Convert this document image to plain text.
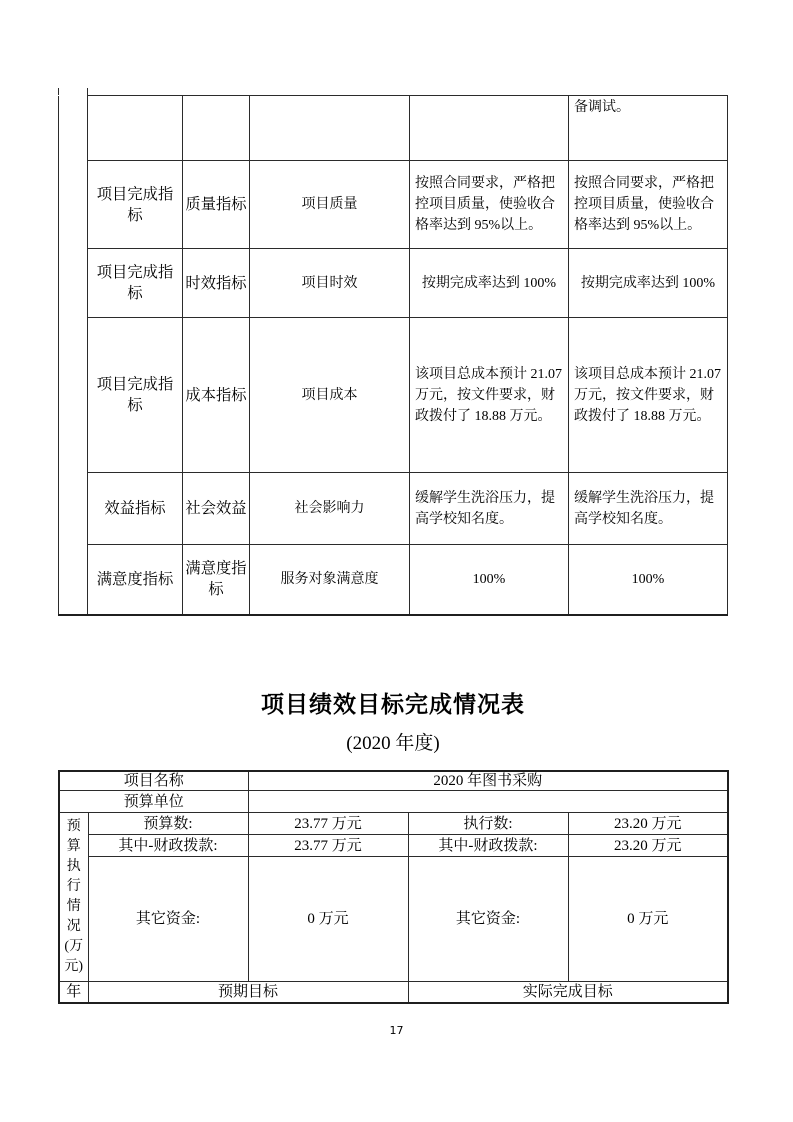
					备调试。
	项目完成指标	质量指标	项目质量	按照合同要求，严格把控项目质量，使验收合格率达到 95%以上。	按照合同要求，严格把控项目质量，使验收合格率达到 95%以上。
	项目完成指标	时效指标	项目时效	按期完成率达到 100%	按期完成率达到 100%
	项目完成指标	成本指标	项目成本	该项目总成本预计 21.07 万元，按文件要求，财政拨付了 18.88 万元。	该项目总成本预计 21.07 万元，按文件要求，财政拨付了 18.88 万元。
	效益指标	社会效益	社会影响力	缓解学生洗浴压力，提高学校知名度。	缓解学生洗浴压力，提高学校知名度。
	满意度指标	满意度指标	服务对象满意度	100%	100%
项目绩效目标完成情况表
(2020 年度)
项目名称		2020 年图书采购		
预算单位				

预
算
执
行
情
况
(万
元)
	预算数:	23.77 万元	执行数:	23.20 万元
	其中-财政拨款:	23.77 万元	其中-财政拨款:	23.20 万元
	其它资金:	0 万元	其它资金:	0 万元
年	预期目标		实际完成目标	
17
